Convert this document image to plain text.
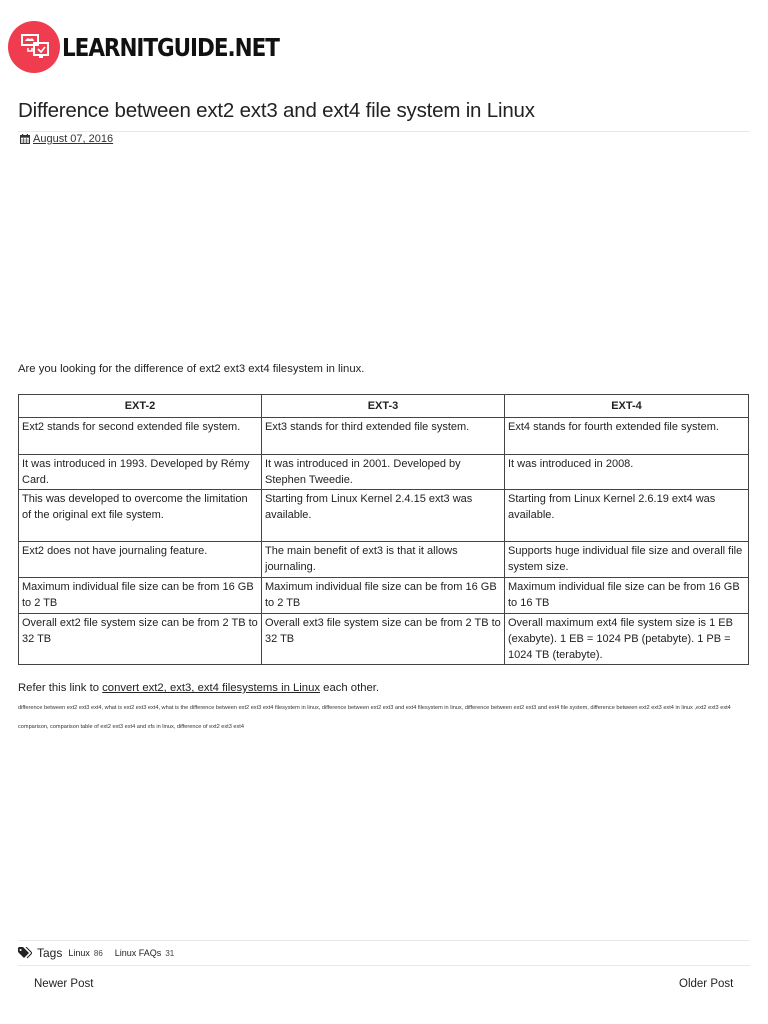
LEARNITGUIDE.NET
Difference between ext2 ext3 and ext4 file system in Linux
August 07, 2016
Are you looking for the difference of ext2 ext3 ext4 filesystem in linux.
EXT-2	EXT-3	EXT-4
Ext2 stands for second extended file system.	Ext3 stands for third extended file system.	Ext4 stands for fourth extended file system.
It was introduced in 1993. Developed by Rémy Card.	It was introduced in 2001. Developed by Stephen Tweedie.	It was introduced in 2008.
This was developed to overcome the limitation of the original ext file system.	Starting from Linux Kernel 2.4.15 ext3 was available.	Starting from Linux Kernel 2.6.19 ext4 was available.
Ext2 does not have journaling feature.	The main benefit of ext3 is that it allows journaling.	Supports huge individual file size and overall file system size.
Maximum individual file size can be from 16 GB to 2 TB	Maximum individual file size can be from 16 GB to 2 TB	Maximum individual file size can be from 16 GB to 16 TB
Overall ext2 file system size can be from 2 TB to 32 TB	Overall ext3 file system size can be from 2 TB to 32 TB	Overall maximum ext4 file system size is 1 EB (exabyte). 1 EB = 1024 PB (petabyte). 1 PB = 1024 TB (terabyte).
Refer this link to convert ext2, ext3, ext4 filesystems in Linux each other.
difference between ext2 ext3 ext4, what is ext2 ext3 ext4, what is the difference between ext2 ext3 ext4 filesystem in linux, difference between ext2 ext3 and ext4 filesystem in linux, difference between ext2 ext3 and ext4 file system, difference between ext2 ext3 ext4 in linux ,ext2 ext3 ext4 comparison, comparison table of ext2 ext3 ext4 and xfs in linux, difference of ext2 ext3 ext4
Tags Linux 86 Linux FAQs 31
Newer Post	Older Post
